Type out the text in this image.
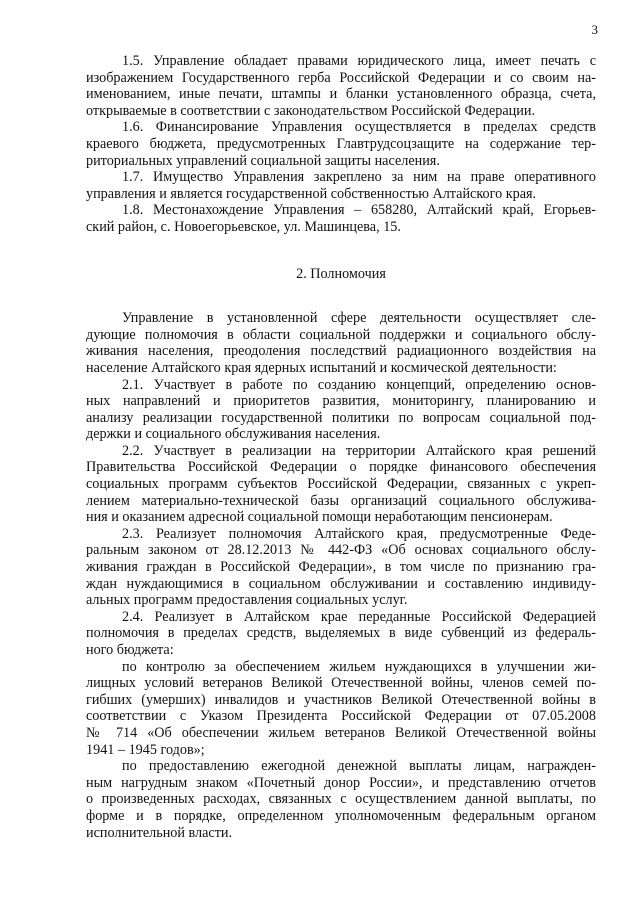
3
1.5. Управление обладает правами юридического лица, имеет печать с
изображением Государственного герба Российской Федерации и со своим на-
именованием, иные печати, штампы и бланки установленного образца, счета,
открываемые в соответствии с законодательством Российской Федерации.
1.6. Финансирование Управления осуществляется в пределах средств
краевого бюджета, предусмотренных Главтрудсоцзащите на содержание тер-
риториальных управлений социальной защиты населения.
1.7. Имущество Управления закреплено за ним на праве оперативного
управления и является государственной собственностью Алтайского края.
1.8. Местонахождение Управления – 658280, Алтайский край, Егорьев-
ский район, с. Новоегорьевское, ул. Машинцева, 15.
2. Полномочия
Управление в установленной сфере деятельности осуществляет сле-
дующие полномочия в области социальной поддержки и социального обслу-
живания населения, преодоления последствий радиационного воздействия на
население Алтайского края ядерных испытаний и космической деятельности:
2.1. Участвует в работе по созданию концепций, определению основ-
ных направлений и приоритетов развития, мониторингу, планированию и
анализу реализации государственной политики по вопросам социальной под-
держки и социального обслуживания населения.
2.2. Участвует в реализации на территории Алтайского края решений
Правительства Российской Федерации о порядке финансового обеспечения
социальных программ субъектов Российской Федерации, связанных с укреп-
лением материально-технической базы организаций социального обслужива-
ния и оказанием адресной социальной помощи неработающим пенсионерам.
2.3. Реализует полномочия Алтайского края, предусмотренные Феде-
ральным законом от 28.12.2013 № 442-ФЗ «Об основах социального обслу-
живания граждан в Российской Федерации», в том числе по признанию гра-
ждан нуждающимися в социальном обслуживании и составлению индивиду-
альных программ предоставления социальных услуг.
2.4. Реализует в Алтайском крае переданные Российской Федерацией
полномочия в пределах средств, выделяемых в виде субвенций из федераль-
ного бюджета:
по контролю за обеспечением жильем нуждающихся в улучшении жи-
лищных условий ветеранов Великой Отечественной войны, членов семей по-
гибших (умерших) инвалидов и участников Великой Отечественной войны в
соответствии с Указом Президента Российской Федерации от 07.05.2008
№ 714 «Об обеспечении жильем ветеранов Великой Отечественной войны
1941 – 1945 годов»;
по предоставлению ежегодной денежной выплаты лицам, награжден-
ным нагрудным знаком «Почетный донор России», и представлению отчетов
о произведенных расходах, связанных с осуществлением данной выплаты, по
форме и в порядке, определенном уполномоченным федеральным органом
исполнительной власти.
